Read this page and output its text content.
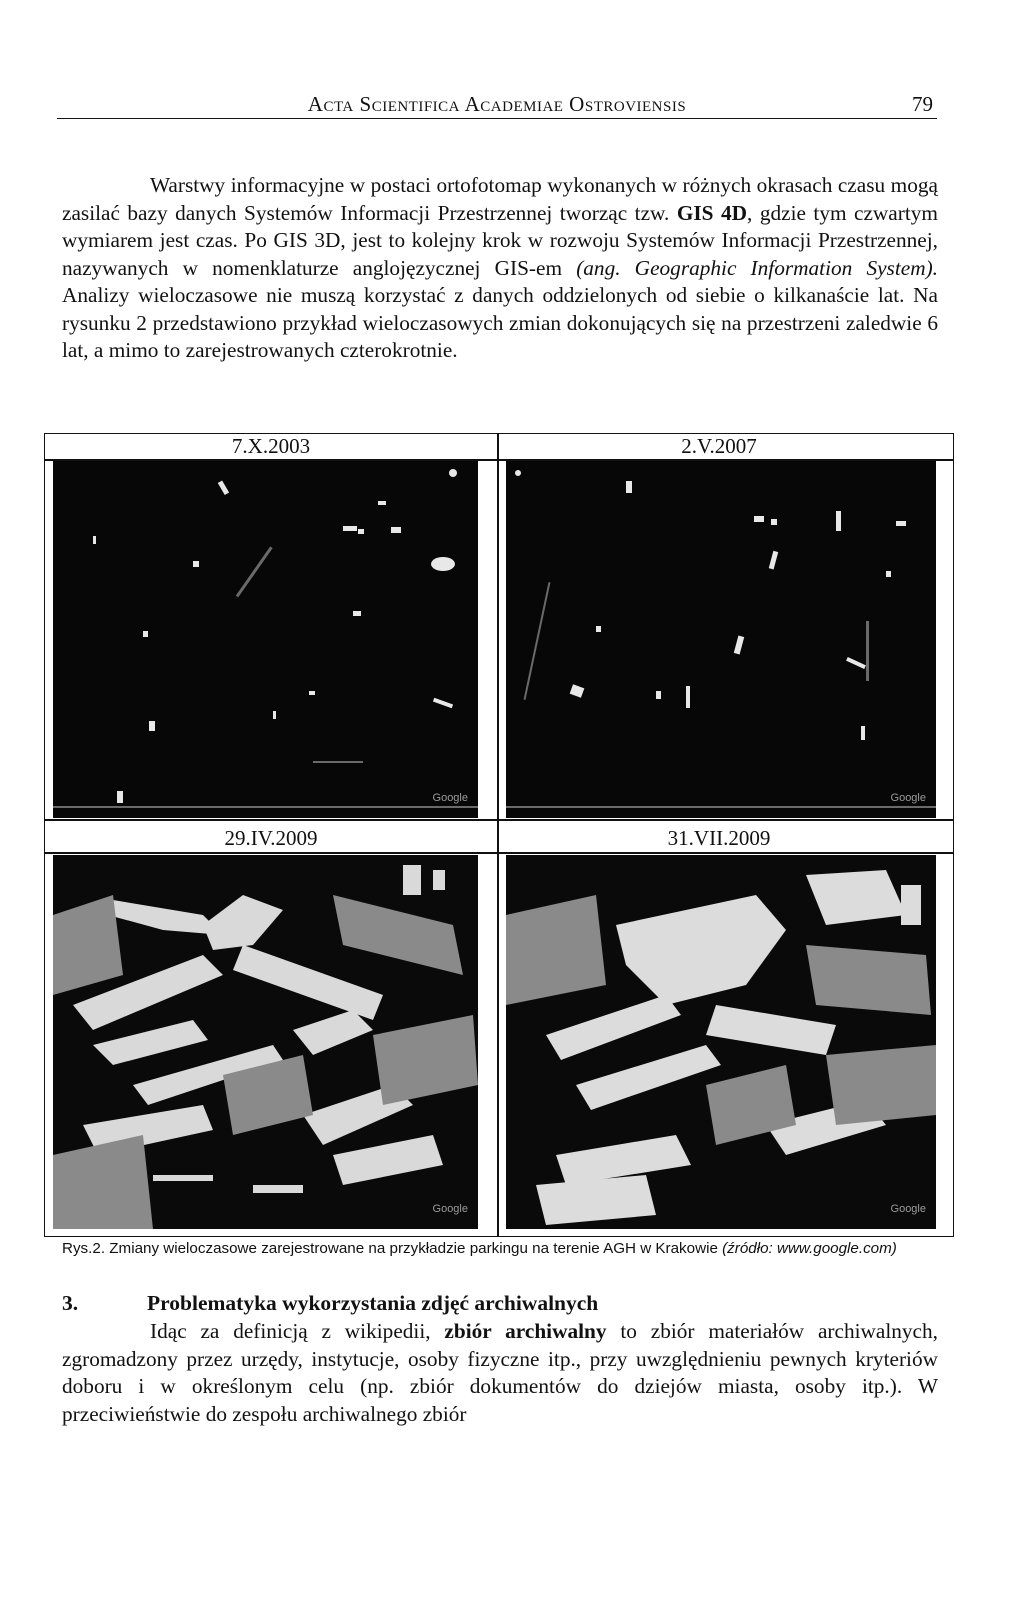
Acta Scientifica Academiae Ostroviensis	79

Warstwy informacyjne w postaci ortofotomap wykonanych w różnych okrasach czasu mogą zasilać bazy danych Systemów Informacji Przestrzennej tworząc tzw. GIS 4D, gdzie tym czwartym wymiarem jest czas. Po GIS 3D, jest to kolejny krok w rozwoju Systemów Informacji Przestrzennej, nazywanych w nomenklaturze anglojęzycznej GIS-em (ang. Geographic Information System). Analizy wieloczasowe nie muszą korzystać z danych oddzielonych od siebie o kilkanaście lat. Na rysunku 2 przedstawiono przykład wieloczasowych zmian dokonujących się na przestrzeni zaledwie 6 lat, a mimo to zarejestrowanych czterokrotnie.

7.X.2003	2.V.2007
29.IV.2009	31.VII.2009
Google	Google
Google	Google
Rys.2. Zmiany wieloczasowe zarejestrowane na przykładzie parkingu na terenie AGH w Krakowie (źródło: www.google.com)
3.	Problematyka wykorzystania zdjęć archiwalnych

Idąc za definicją z wikipedii, zbiór archiwalny to zbiór materiałów archiwalnych, zgromadzony przez urzędy, instytucje, osoby fizyczne itp., przy uwzględnieniu pewnych kryteriów doboru i w określonym celu (np. zbiór dokumentów do dziejów miasta, osoby itp.). W przeciwieństwie do zespołu archiwalnego zbiór
